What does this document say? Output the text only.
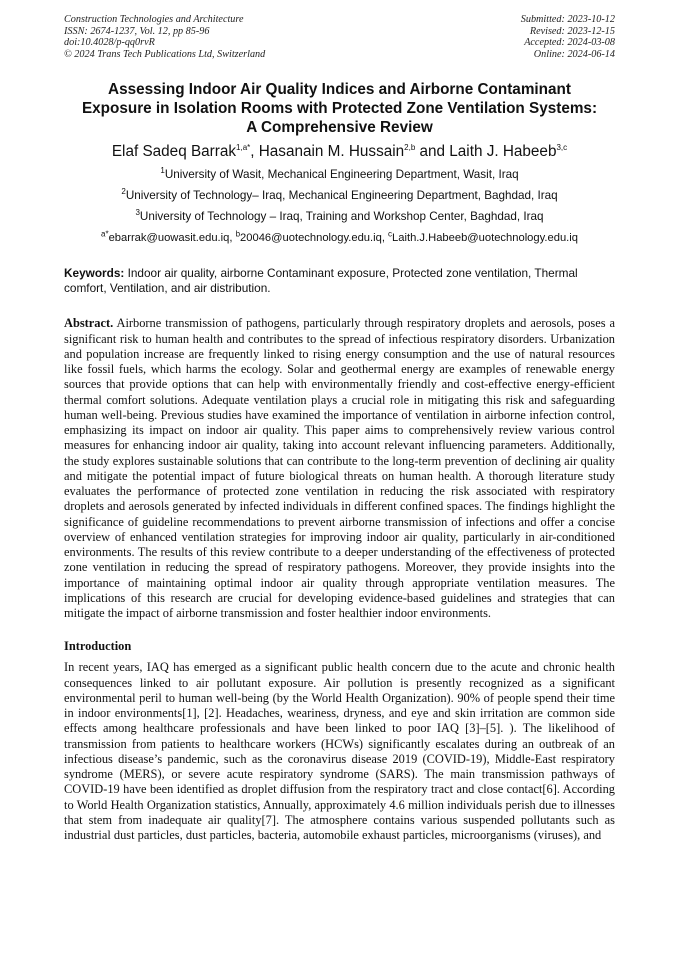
Construction Technologies and Architecture
ISSN: 2674-1237, Vol. 12, pp 85-96
doi:10.4028/p-qq0rvR
© 2024 Trans Tech Publications Ltd, Switzerland
Submitted: 2023-10-12
Revised: 2023-12-15
Accepted: 2024-03-08
Online: 2024-06-14
Assessing Indoor Air Quality Indices and Airborne Contaminant
Exposure in Isolation Rooms with Protected Zone Ventilation Systems:
A Comprehensive Review
Elaf Sadeq Barrak$^{1,a*}$, Hasanain M. Hussain$^{2,b}$ and Laith J. Habeeb$^{3,c}$
$^1$University of Wasit, Mechanical Engineering Department, Wasit, Iraq
$^2$University of Technology– Iraq, Mechanical Engineering Department, Baghdad, Iraq
$^3$University of Technology – Iraq, Training and Workshop Center, Baghdad, Iraq
$^{a*}$ebarrak@uowasit.edu.iq, $^b$20046@uotechnology.edu.iq, $^c$Laith.J.Habeeb@uotechnology.edu.iq
Keywords: Indoor air quality, airborne Contaminant exposure, Protected zone ventilation, Thermal comfort, Ventilation, and air distribution.
Abstract. Airborne transmission of pathogens, particularly through respiratory droplets and aerosols, poses a significant risk to human health and contributes to the spread of infectious respiratory disorders. Urbanization and population increase are frequently linked to rising energy consumption and the use of natural resources like fossil fuels, which harms the ecology. Solar and geothermal energy are examples of renewable energy sources that provide options that can help with environmentally friendly and cost-effective energy-efficient thermal comfort solutions. Adequate ventilation plays a crucial role in mitigating this risk and safeguarding human well-being. Previous studies have examined the importance of ventilation in airborne infection control, emphasizing its impact on indoor air quality. This paper aims to comprehensively review various control measures for enhancing indoor air quality, taking into account relevant influencing parameters. Additionally, the study explores sustainable solutions that can contribute to the long-term prevention of declining air quality and mitigate the potential impact of future biological threats on human health. A thorough literature study evaluates the performance of protected zone ventilation in reducing the risk associated with respiratory droplets and aerosols generated by infected individuals in different confined spaces. The findings highlight the significance of guideline recommendations to prevent airborne transmission of infections and offer a concise overview of enhanced ventilation strategies for improving indoor air quality, particularly in air-conditioned environments. The results of this review contribute to a deeper understanding of the effectiveness of protected zone ventilation in reducing the spread of respiratory pathogens. Moreover, they provide insights into the importance of maintaining optimal indoor air quality through appropriate ventilation measures. The implications of this research are crucial for developing evidence-based guidelines and strategies that can mitigate the impact of airborne transmission and foster healthier indoor environments.
Introduction
In recent years, IAQ has emerged as a significant public health concern due to the acute and chronic health consequences linked to air pollutant exposure. Air pollution is presently recognized as a significant environmental peril to human well-being (by the World Health Organization). 90% of people spend their time in indoor environments[1], [2]. Headaches, weariness, dryness, and eye and skin irritation are common side effects among healthcare professionals and have been linked to poor IAQ [3]–[5]. ). The likelihood of transmission from patients to healthcare workers (HCWs) significantly escalates during an outbreak of an infectious disease’s pandemic, such as the coronavirus disease 2019 (COVID-19), Middle-East respiratory syndrome (MERS), or severe acute respiratory syndrome (SARS). The main transmission pathways of COVID-19 have been identified as droplet diffusion from the respiratory tract and close contact[6]. According to World Health Organization statistics, Annually, approximately 4.6 million individuals perish due to illnesses that stem from inadequate air quality[7]. The atmosphere contains various suspended pollutants such as industrial dust particles, dust particles, bacteria, automobile exhaust particles, microorganisms (viruses), and
